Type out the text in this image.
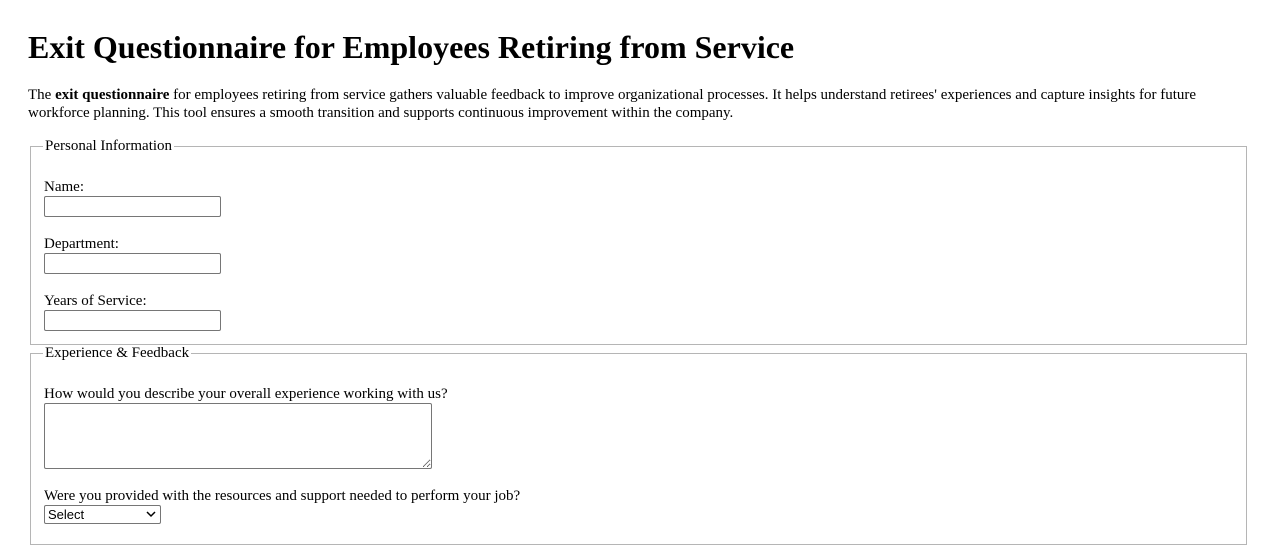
Exit Questionnaire for Employees Retiring from Service

The exit questionnaire for employees retiring from service gathers valuable feedback to improve organizational processes. It helps understand retirees' experiences and capture insights for future workforce planning. This tool ensures a smooth transition and supports continuous improvement within the company.

Personal Information
Name:
Department:
Years of Service:
Experience & Feedback
How would you describe your overall experience working with us?
Were you provided with the resources and support needed to perform your job?
Select
